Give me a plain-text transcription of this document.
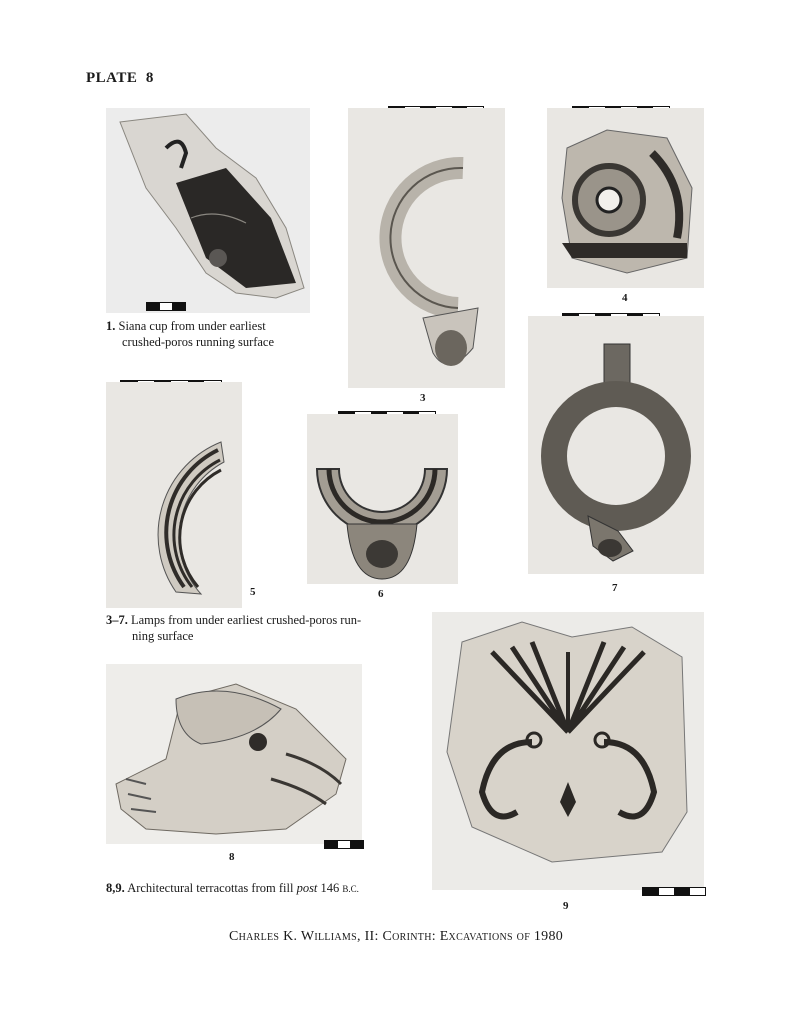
PLATE 8
1. Siana cup from under earliest
crushed-poros running surface
3
4
7
5	6
3–7. Lamps from under earliest crushed-poros run-
ning surface
9
8
8,9. Architectural terracottas from fill post 146 B.C.
Charles K. Williams, II: Corinth: Excavations of 1980
